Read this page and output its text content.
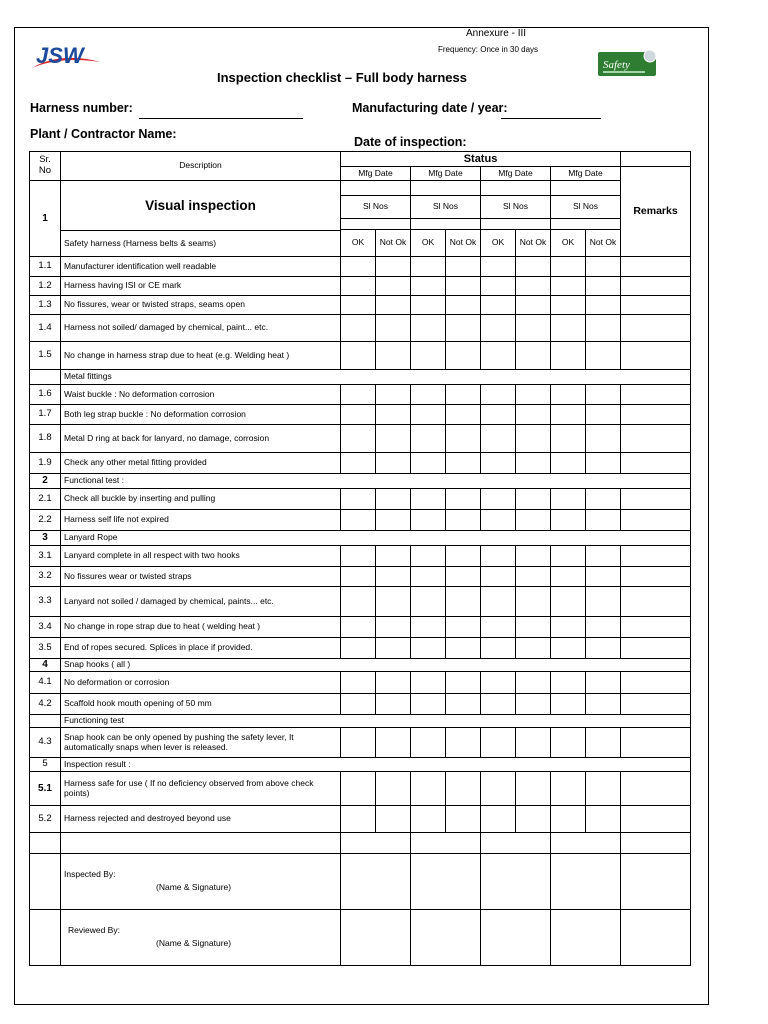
JSW
Annexure - III
Frequency: Once in 30 days
Safety
Inspection checklist – Full body harness
Harness number:	Manufacturing date / year:
Plant / Contractor Name:
Date of inspection:
Sr. No	Description	Status								
		Mfg Date		Mfg Date		Mfg Date		Mfg Date		Remarks
1	Visual inspection									
		Sl Nos		Sl Nos		Sl Nos		Sl Nos		

		OK	Not Ok	OK	Not Ok	OK	Not Ok	OK	Not Ok	
	Safety harness (Harness belts & seams)									
1.1	Manufacturer identification well readable									
1.2	Harness having ISI or CE mark									
1.3	No fissures, wear or twisted straps, seams open									
1.4	Harness not soiled/ damaged by chemical, paint... etc.									
1.5	No change in harness strap due to heat (e.g. Welding heat )									
	Metal fittings									
1.6	Waist buckle : No deformation corrosion									
1.7	Both leg strap buckle : No deformation corrosion									
1.8	Metal D ring at back for lanyard, no damage, corrosion									
1.9	Check any other metal fitting provided									
2	Functional test :									
2.1	Check all buckle by inserting and pulling									
2.2	Harness self life not expired									
3	Lanyard Rope									
3.1	Lanyard complete in all respect with two hooks									
3.2	No fissures wear or twisted straps									
3.3	Lanyard not soiled / damaged by chemical, paints... etc.									
3.4	No change in rope strap due to heat ( welding heat )									
3.5	End of ropes secured. Splices in place if provided.									
4	Snap hooks ( all )									
4.1	No deformation or corrosion									
4.2	Scaffold hook mouth opening of 50 mm									
	Functioning test									
4.3	Snap hook can be only opened by pushing the safety lever, It automatically snaps when lever is released.									
5	Inspection result :									
5.1	Harness safe for use ( If no deficiency observed from above check points)									
5.2	Harness rejected and destroyed beyond use									

	Inspected By:
(Name & Signature)									

	Reviewed By:
(Name & Signature)									
